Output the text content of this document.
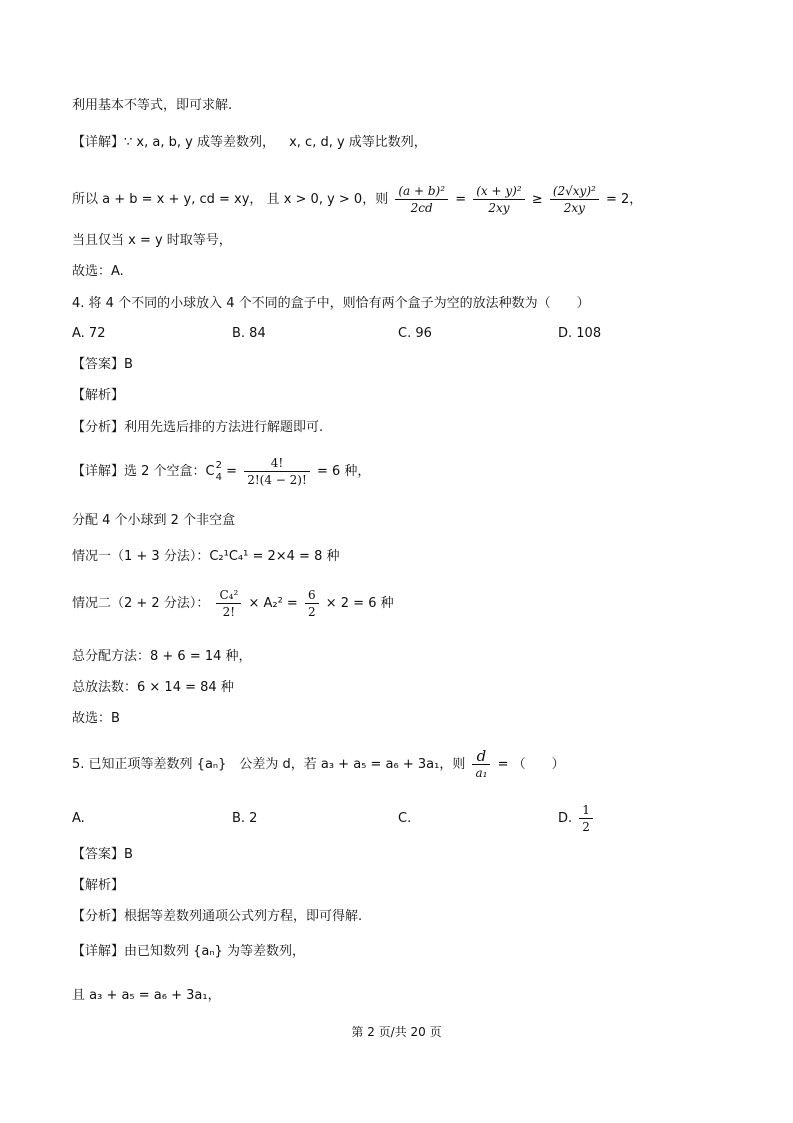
利用基本不等式，即可求解.
【详解】∵ x, a, b, y 成等差数列， x, c, d, y 成等比数列，
所以 a + b = x + y, cd = xy， 且 x > 0, y > 0，则 $\frac{\text{(a + b)²}}{2cd} = \frac{\text{(x + y)²}}{2xy} \ge \frac{\text{(2√xy)²}}{2xy} = 2$，
当且仅当 x = y 时取等号，
故选：A.
4. 将 4 个不同的小球放入 4 个不同的盒子中，则恰有两个盒子为空的放法种数为（　　）
A. 72	B. 84	C. 96	D. 108
【答案】B
【解析】
【分析】利用先选后排的方法进行解题即可.
【详解】选 2 个空盒：C 2
$4 = \frac{4!}{2!(4 - 2)!} = 6$ 种，
分配 4 个小球到 2 个非空盒
情况一（1 + 3 分法）：C₂¹C₄¹ = 2×4 = 8 种
情况二（2 + 2 分法）： $\frac{\text{C₄²}}{2!} \times A_2^2 = \frac{6}{2} \times 2 = 6$ 种
总分配方法：8 + 6 = 14 种，
总放法数：6 × 14 = 84 种
故选：B
5. 已知正项等差数列 {aₙ}　公差为 d，若 a₃ + a₅ = a₆ + 3a₁，则 $\frac{d}{\text{a₁}}$ = （　　）
A.	B. 2	C.	D. $\frac{1}{2}$
【答案】B
【解析】
【分析】根据等差数列通项公式列方程，即可得解.
【详解】由已知数列 {aₙ} 为等差数列，
且 a₃ + a₅ = a₆ + 3a₁，
第 2 页/共 20 页
